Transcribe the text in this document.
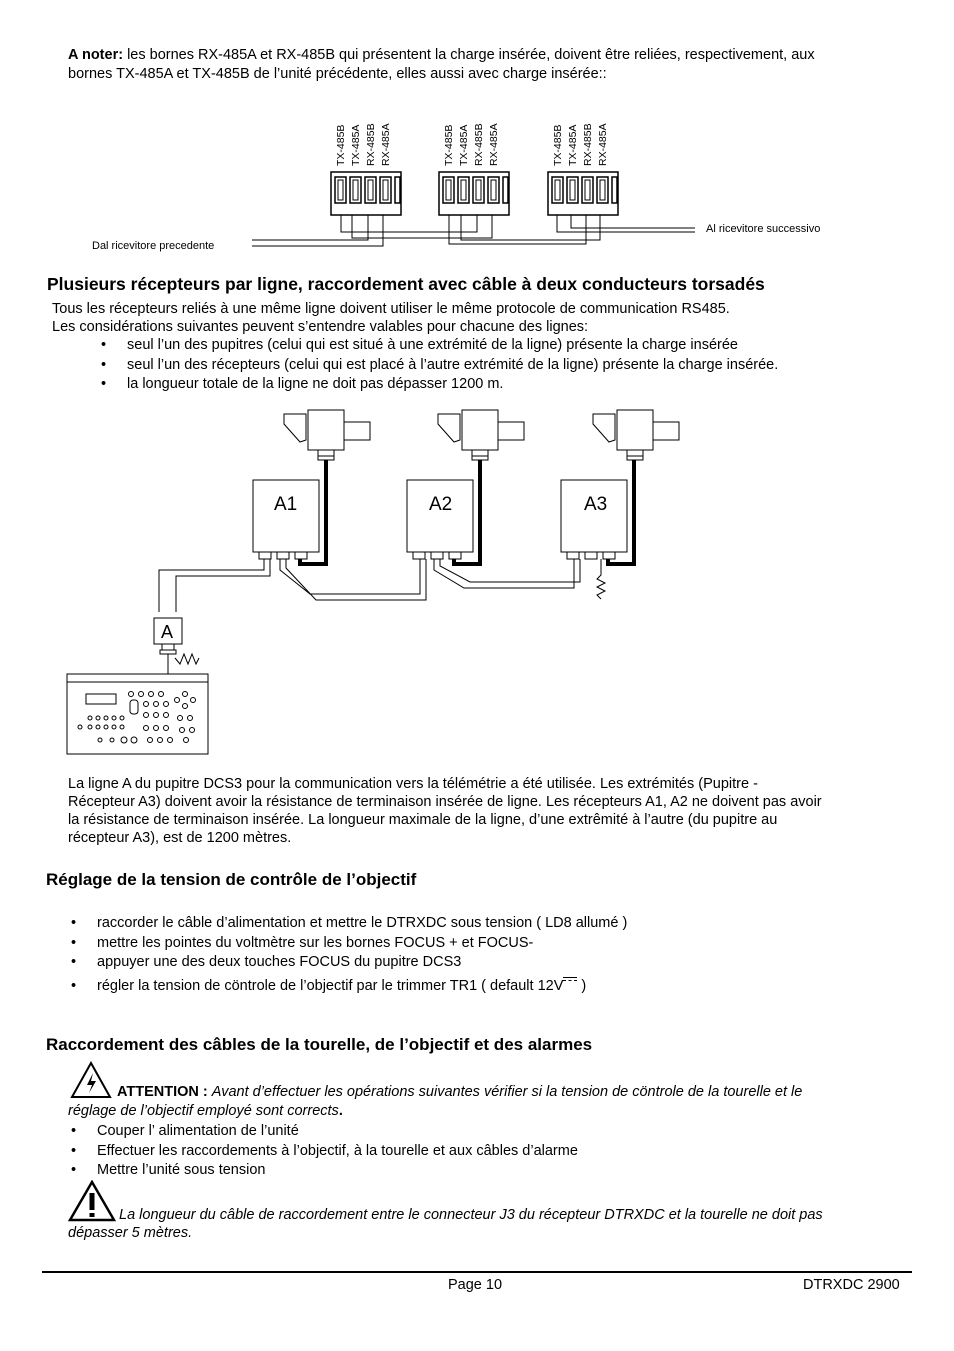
A noter: les bornes RX-485A et RX-485B qui présentent la charge insérée, doivent être reliées, respectivement, aux
bornes TX-485A et TX-485B de l’unité précédente, elles aussi avec charge insérée::
TX-485B TX-485A RX-485B RX-485A	TX-485B TX-485A RX-485B RX-485A	TX-485B TX-485A RX-485B RX-485A
Dal ricevitore precedente
Al ricevitore successivo
Plusieurs récepteurs par ligne, raccordement avec câble à deux conducteurs torsadés
Tous les récepteurs reliés à une même ligne doivent utiliser le même protocole de communication RS485.
Les considérations suivantes peuvent s’entendre valables pour chacune des lignes:
• seul l’un des pupitres (celui qui est situé à une extrémité de la ligne) présente la charge insérée
• seul l’un des récepteurs (celui qui est placé à l’autre extrémité de la ligne) présente la charge insérée.
• la longueur totale de la ligne ne doit pas dépasser 1200 m.
A1	A2	A3
A
La ligne A du pupitre DCS3 pour la communication vers la télémétrie a été utilisée. Les extrémités (Pupitre -
Récepteur A3) doivent avoir la résistance de terminaison insérée de ligne. Les récepteurs A1, A2 ne doivent pas avoir
la résistance de terminaison insérée. La longueur maximale de la ligne, d’une extrêmité à l’autre (du pupitre au
récepteur A3), est de 1200 mètres.
Réglage de la tension de contrôle de l’objectif
• raccorder le câble d’alimentation et mettre le DTRXDC sous tension ( LD8 allumé )
• mettre les pointes du voltmètre sur les bornes FOCUS + et FOCUS-
• appuyer une des deux touches FOCUS du pupitre DCS3
• régler la tension de cöntrole de l’objectif par le trimmer TR1 ( default 12V
)
Raccordement des câbles de la tourelle, de l’objectif et des alarmes
ATTENTION : Avant d’effectuer les opérations suivantes vérifier si la tension de cöntrole de la tourelle et le
réglage de l’objectif employé sont corrects.
• Couper l’ alimentation de l’unité
• Effectuer les raccordements à l’objectif, à la tourelle et aux câbles d’alarme
• Mettre l’unité sous tension
La longueur du câble de raccordement entre le connecteur J3 du récepteur DTRXDC et la tourelle ne doit pas
dépasser 5 mètres.
Page 10	DTRXDC 2900
